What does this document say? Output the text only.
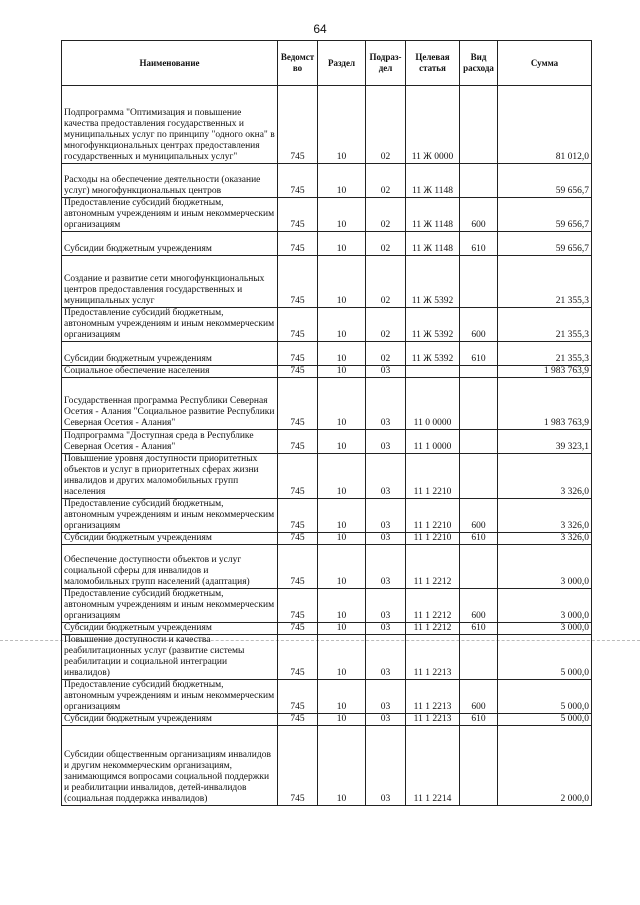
64
Наименование	Ведомст во	Раздел	Подраз- дел	Целевая статья	Вид расхода	Сумма
Подпрограмма "Оптимизация и повышение качества предоставления государственных и муниципальных услуг по принципу "одного окна" в многофункциональных центрах предоставления государственных и муниципальных услуг"	745	10	02	11 Ж 0000		81 012,0
Расходы на обеспечение деятельности (оказание услуг) многофункциональных центров	745	10	02	11 Ж 1148		59 656,7
Предоставление субсидий бюджетным, автономным учреждениям и иным некоммерческим организациям	745	10	02	11 Ж 1148	600	59 656,7
Субсидии бюджетным учреждениям	745	10	02	11 Ж 1148	610	59 656,7
Создание и развитие сети многофункциональных центров предоставления государственных и муниципальных услуг	745	10	02	11 Ж 5392		21 355,3
Предоставление субсидий бюджетным, автономным учреждениям и иным некоммерческим организациям	745	10	02	11 Ж 5392	600	21 355,3
Субсидии бюджетным учреждениям	745	10	02	11 Ж 5392	610	21 355,3
Социальное обеспечение населения	745	10	03			1 983 763,9
Государственная программа Республики Северная Осетия - Алания "Социальное развитие Республики Северная Осетия - Алания"	745	10	03	11 0 0000		1 983 763,9
Подпрограмма "Доступная среда в Республике Северная Осетия - Алания"	745	10	03	11 1 0000		39 323,1
Повышение уровня доступности приоритетных объектов и услуг в приоритетных сферах жизни инвалидов и других маломобильных групп населения	745	10	03	11 1 2210		3 326,0
Предоставление субсидий бюджетным, автономным учреждениям и иным некоммерческим организациям	745	10	03	11 1 2210	600	3 326,0
Субсидии бюджетным учреждениям	745	10	03	11 1 2210	610	3 326,0
Обеспечение доступности объектов и услуг социальной сферы для инвалидов и маломобильных групп населений (адаптация)	745	10	03	11 1 2212		3 000,0
Предоставление субсидий бюджетным, автономным учреждениям и иным некоммерческим организациям	745	10	03	11 1 2212	600	3 000,0
Субсидии бюджетным учреждениям	745	10	03	11 1 2212	610	3 000,0
Повышение доступности и качества реабилитационных услуг (развитие системы реабилитации и социальной интеграции инвалидов)	745	10	03	11 1 2213		5 000,0
Предоставление субсидий бюджетным, автономным учреждениям и иным некоммерческим организациям	745	10	03	11 1 2213	600	5 000,0
Субсидии бюджетным учреждениям	745	10	03	11 1 2213	610	5 000,0
Субсидии общественным организациям инвалидов и другим некоммерческим организациям, занимающимся вопросами социальной поддержки и реабилитации инвалидов, детей-инвалидов (социальная поддержка инвалидов)	745	10	03	11 1 2214		2 000,0
